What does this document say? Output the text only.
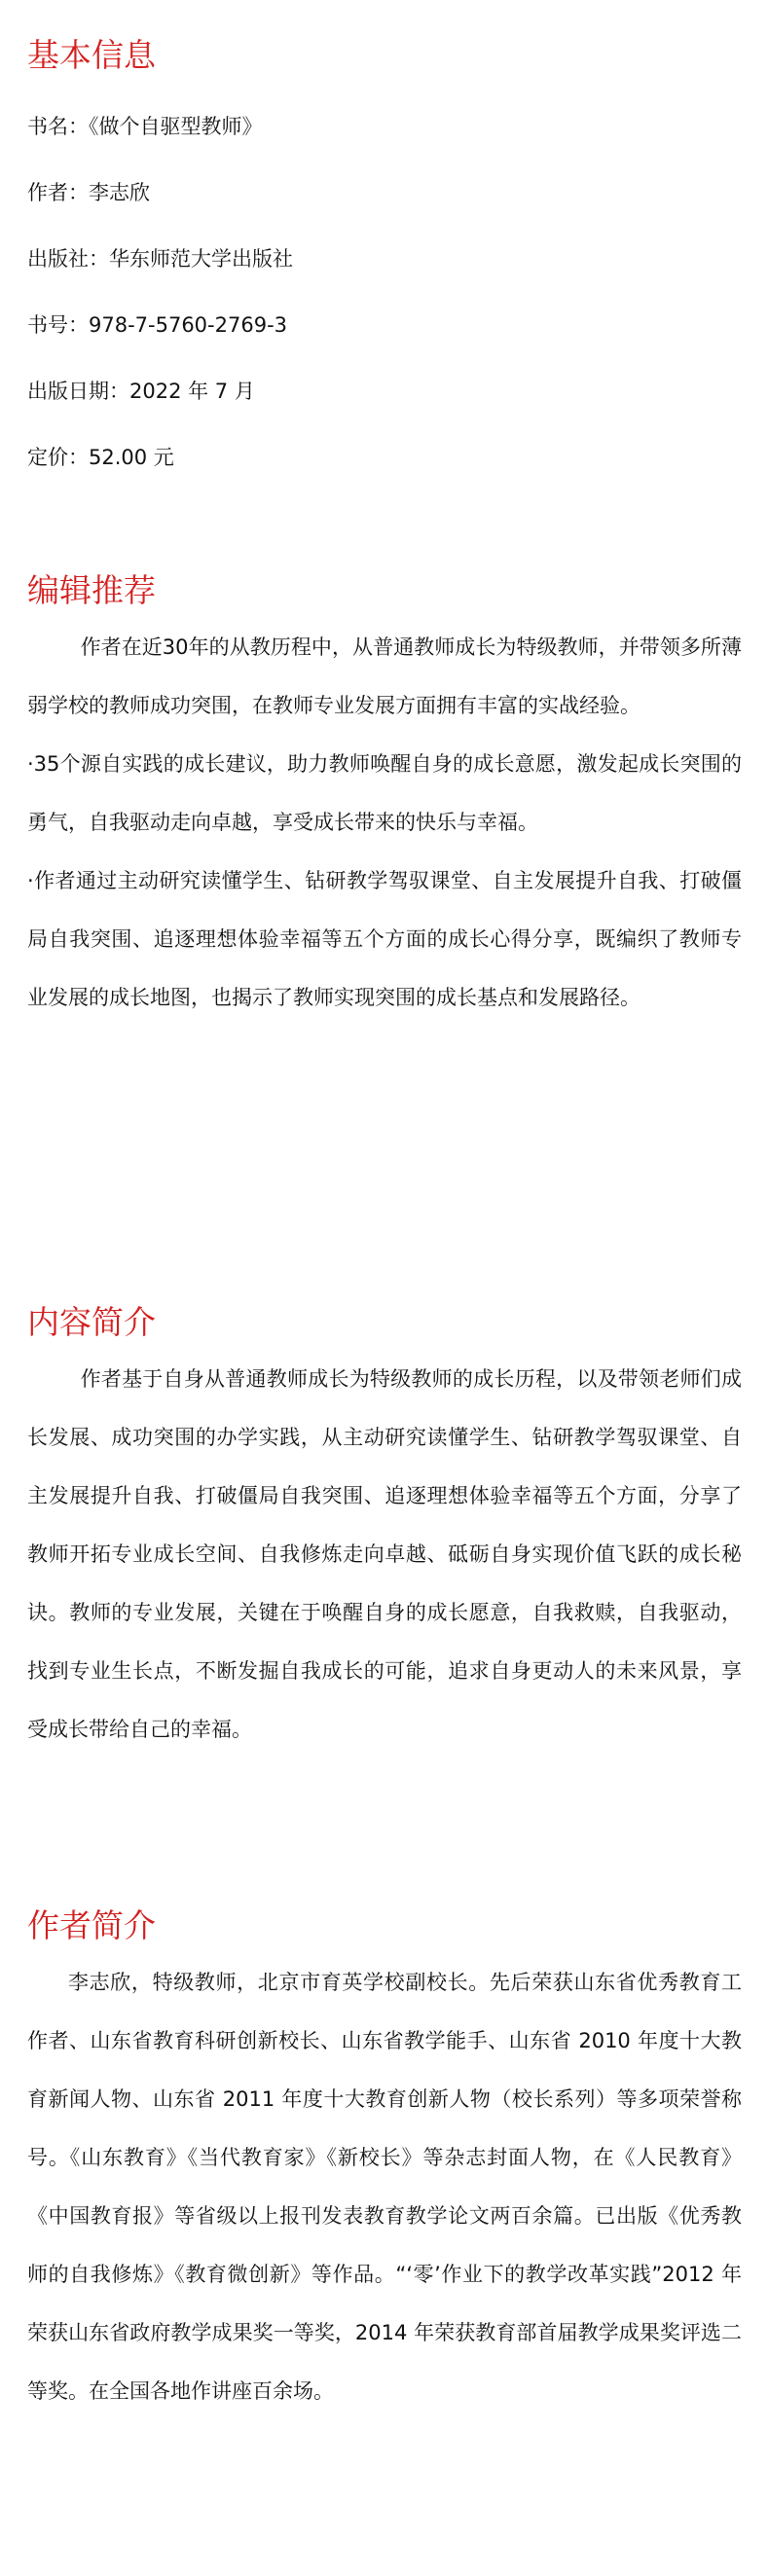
基本信息

书名：《做个自驱型教师》

作者：李志欣

出版社：华东师范大学出版社

书号：978-7-5760-2769-3

出版日期：2022 年 7 月

定价：52.00 元

编辑推荐

作者在近30年的从教历程中，从普通教师成长为特级教师，并带领多所薄弱学校的教师成功突围，在教师专业发展方面拥有丰富的实战经验。

·35个源自实践的成长建议，助力教师唤醒自身的成长意愿，激发起成长突围的勇气，自我驱动走向卓越，享受成长带来的快乐与幸福。

·作者通过主动研究读懂学生、钻研教学驾驭课堂、自主发展提升自我、打破僵局自我突围、追逐理想体验幸福等五个方面的成长心得分享，既编织了教师专业发展的成长地图，也揭示了教师实现突围的成长基点和发展路径。

内容简介

作者基于自身从普通教师成长为特级教师的成长历程，以及带领老师们成长发展、成功突围的办学实践，从主动研究读懂学生、钻研教学驾驭课堂、自主发展提升自我、打破僵局自我突围、追逐理想体验幸福等五个方面，分享了教师开拓专业成长空间、自我修炼走向卓越、砥砺自身实现价值飞跃的成长秘诀。教师的专业发展，关键在于唤醒自身的成长愿意，自我救赎，自我驱动，找到专业生长点，不断发掘自我成长的可能，追求自身更动人的未来风景，享受成长带给自己的幸福。

作者简介

李志欣，特级教师，北京市育英学校副校长。先后荣获山东省优秀教育工作者、山东省教育科研创新校长、山东省教学能手、山东省 2010 年度十大教育新闻人物、山东省 2011 年度十大教育创新人物（校长系列）等多项荣誉称号。《山东教育》《当代教育家》《新校长》等杂志封面人物，在《人民教育》《中国教育报》等省级以上报刊发表教育教学论文两百余篇。已出版《优秀教师的自我修炼》《教育微创新》等作品。“‘零’作业下的教学改革实践”2012 年荣获山东省政府教学成果奖一等奖，2014 年荣获教育部首届教学成果奖评选二等奖。在全国各地作讲座百余场。
